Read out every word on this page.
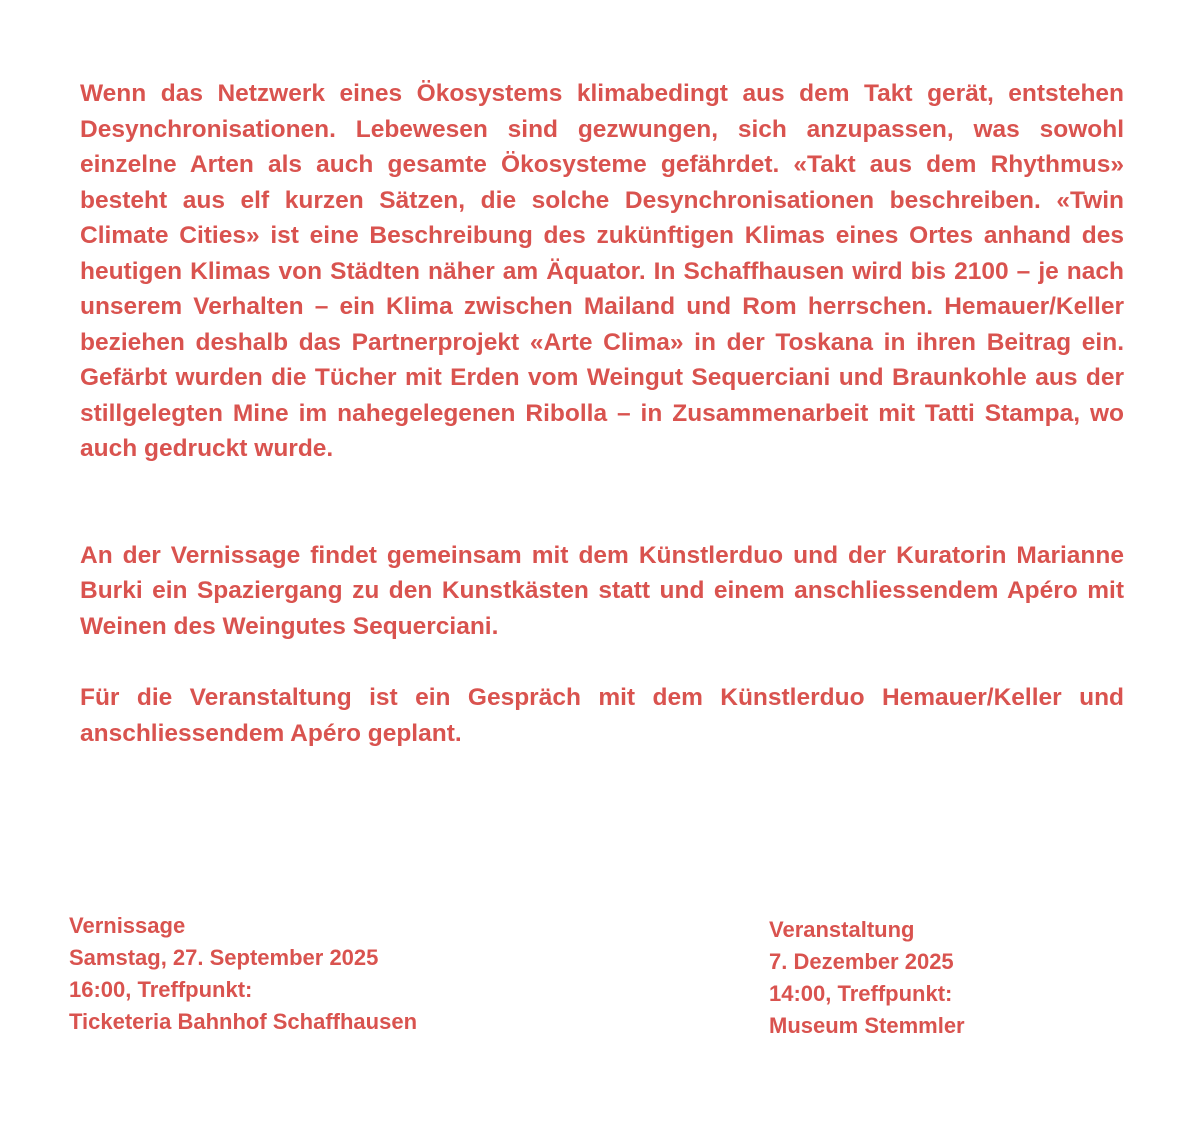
Wenn das Netzwerk eines Ökosystems klimabedingt aus dem Takt gerät, entstehen Desynchronisationen. Lebewesen sind gezwungen, sich anzupassen, was sowohl einzelne Arten als auch gesamte Ökosysteme gefährdet. «Takt aus dem Rhythmus» besteht aus elf kurzen Sätzen, die solche Desynchronisationen beschreiben. «Twin Climate Cities» ist eine Beschreibung des zukünftigen Klimas eines Ortes anhand des heutigen Klimas von Städten näher am Äquator. In Schaffhausen wird bis 2100 – je nach unserem Verhalten – ein Klima zwischen Mailand und Rom herrschen. Hemauer/Keller beziehen deshalb das Partnerprojekt «Arte Clima» in der Toskana in ihren Beitrag ein. Gefärbt wurden die Tücher mit Erden vom Weingut Sequerciani und Braunkohle aus der stillgelegten Mine im nahegelegenen Ribolla – in Zusammenarbeit mit Tatti Stampa, wo auch gedruckt wurde.

An der Vernissage findet gemeinsam mit dem Künstlerduo und der Kuratorin Marianne Burki ein Spaziergang zu den Kunstkästen statt und einem anschliessendem Apéro mit Weinen des Weingutes Sequerciani.

Für die Veranstaltung ist ein Gespräch mit dem Künstlerduo Hemauer/Keller und anschliessendem Apéro geplant.

Vernissage
Samstag, 27. September 2025
16:00, Treffpunkt:
Ticketeria Bahnhof Schaffhausen
Veranstaltung
7. Dezember 2025
14:00, Treffpunkt:
Museum Stemmler
